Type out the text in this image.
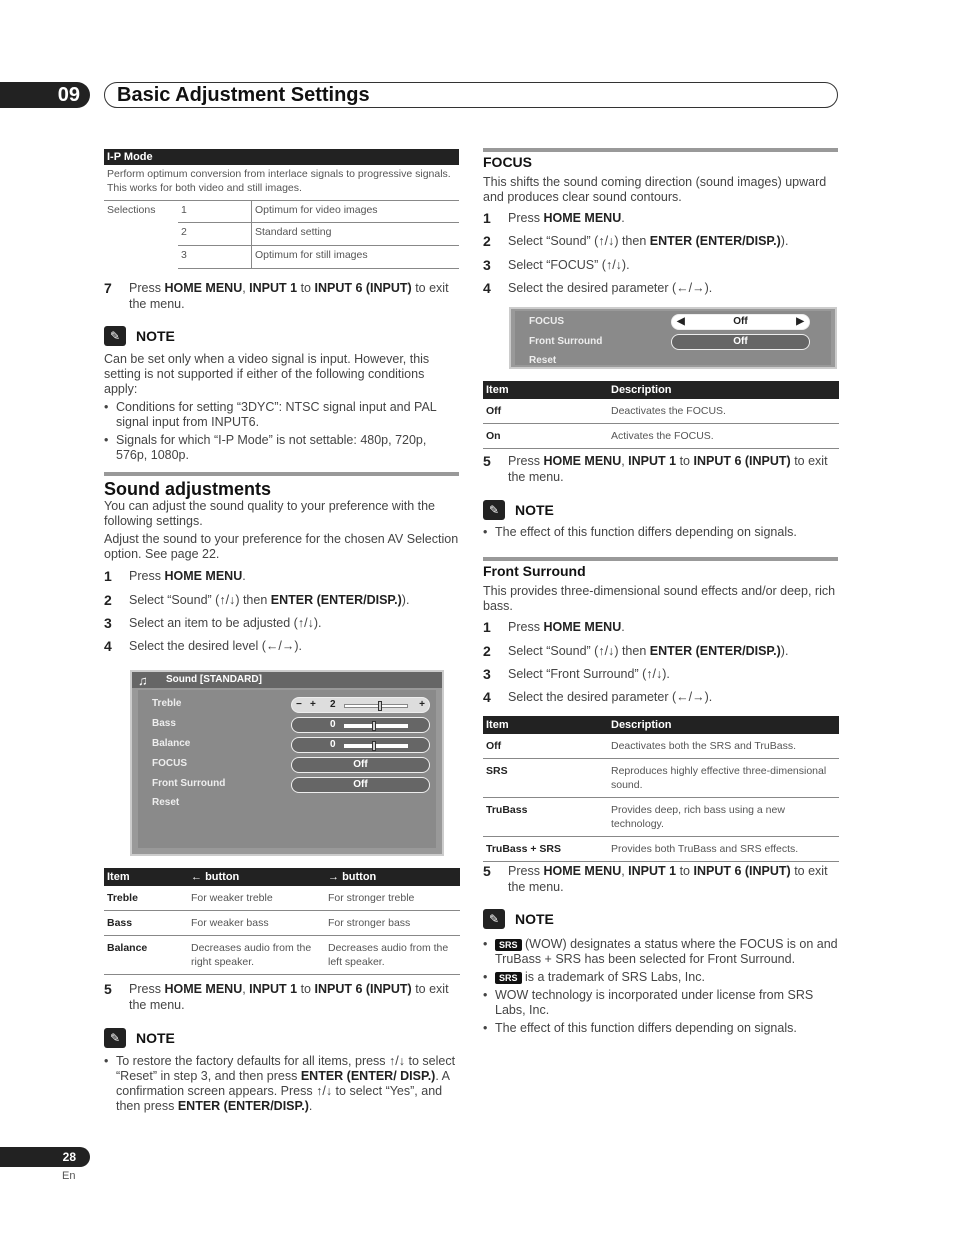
09	Basic Adjustment Settings
I-P Mode
Perform optimum conversion from interlace signals to progressive signals. This works for both video and still images.
Selections	1	Optimum for video images
2	Standard setting
3	Optimum for still images
7	Press HOME MENU, INPUT 1 to INPUT 6 (INPUT) to exit the menu.
✎	NOTE
Can be set only when a video signal is input. However, this setting is not supported if either of the following conditions apply:
• Conditions for setting “3DYC”: NTSC signal input and PAL signal input from INPUT6.
• Signals for which “I-P Mode” is not settable: 480p, 720p, 576p, 1080p.
Sound adjustments
You can adjust the sound quality to your preference with the following settings.
Adjust the sound to your preference for the chosen AV Selection option. See page 22.
1	Press HOME MENU.
2	Select “Sound” (↑/↓) then ENTER (ENTER/DISP.)).
3	Select an item to be adjusted (↑/↓).
4	Select the desired level (←/→).
Sound [STANDARD]
♫
Treble
Bass
Balance
FOCUS
Front Surround
Reset
− + 2	+
0
0
Off
Off
Item	← button	→ button
Treble	For weaker treble	For stronger treble
Bass	For weaker bass	For stronger bass
Balance	Decreases audio from the right speaker.	Decreases audio from the left speaker.
5	Press HOME MENU, INPUT 1 to INPUT 6 (INPUT) to exit the menu.
✎	NOTE
• To restore the factory defaults for all items, press ↑/↓ to select “Reset” in step 3, and then press ENTER (ENTER/ DISP.). A confirmation screen appears. Press ↑/↓ to select “Yes”, and then press ENTER (ENTER/DISP.).
FOCUS
This shifts the sound coming direction (sound images) upward and produces clear sound contours.
1	Press HOME MENU.
2	Select “Sound” (↑/↓) then ENTER (ENTER/DISP.)).
3	Select “FOCUS” (↑/↓).
4	Select the desired parameter (←/→).
FOCUS
Front Surround
Reset
◀	Off	▶
Off
Item	Description
Off	Deactivates the FOCUS.
On	Activates the FOCUS.
5	Press HOME MENU, INPUT 1 to INPUT 6 (INPUT) to exit the menu.
✎	NOTE
• The effect of this function differs depending on signals.
Front Surround
This provides three-dimensional sound effects and/or deep, rich bass.
1	Press HOME MENU.
2	Select “Sound” (↑/↓) then ENTER (ENTER/DISP.)).
3	Select “Front Surround” (↑/↓).
4	Select the desired parameter (←/→).
Item	Description
Off	Deactivates both the SRS and TruBass.
SRS	Reproduces highly effective three-dimensional sound.
TruBass	Provides deep, rich bass using a new technology.
TruBass + SRS	Provides both TruBass and SRS effects.
5	Press HOME MENU, INPUT 1 to INPUT 6 (INPUT) to exit the menu.
✎	NOTE
• SRS (WOW) designates a status where the FOCUS is on and TruBass + SRS has been selected for Front Surround.
• SRS is a trademark of SRS Labs, Inc.
• WOW technology is incorporated under license from SRS Labs, Inc.
• The effect of this function differs depending on signals.
28
En
